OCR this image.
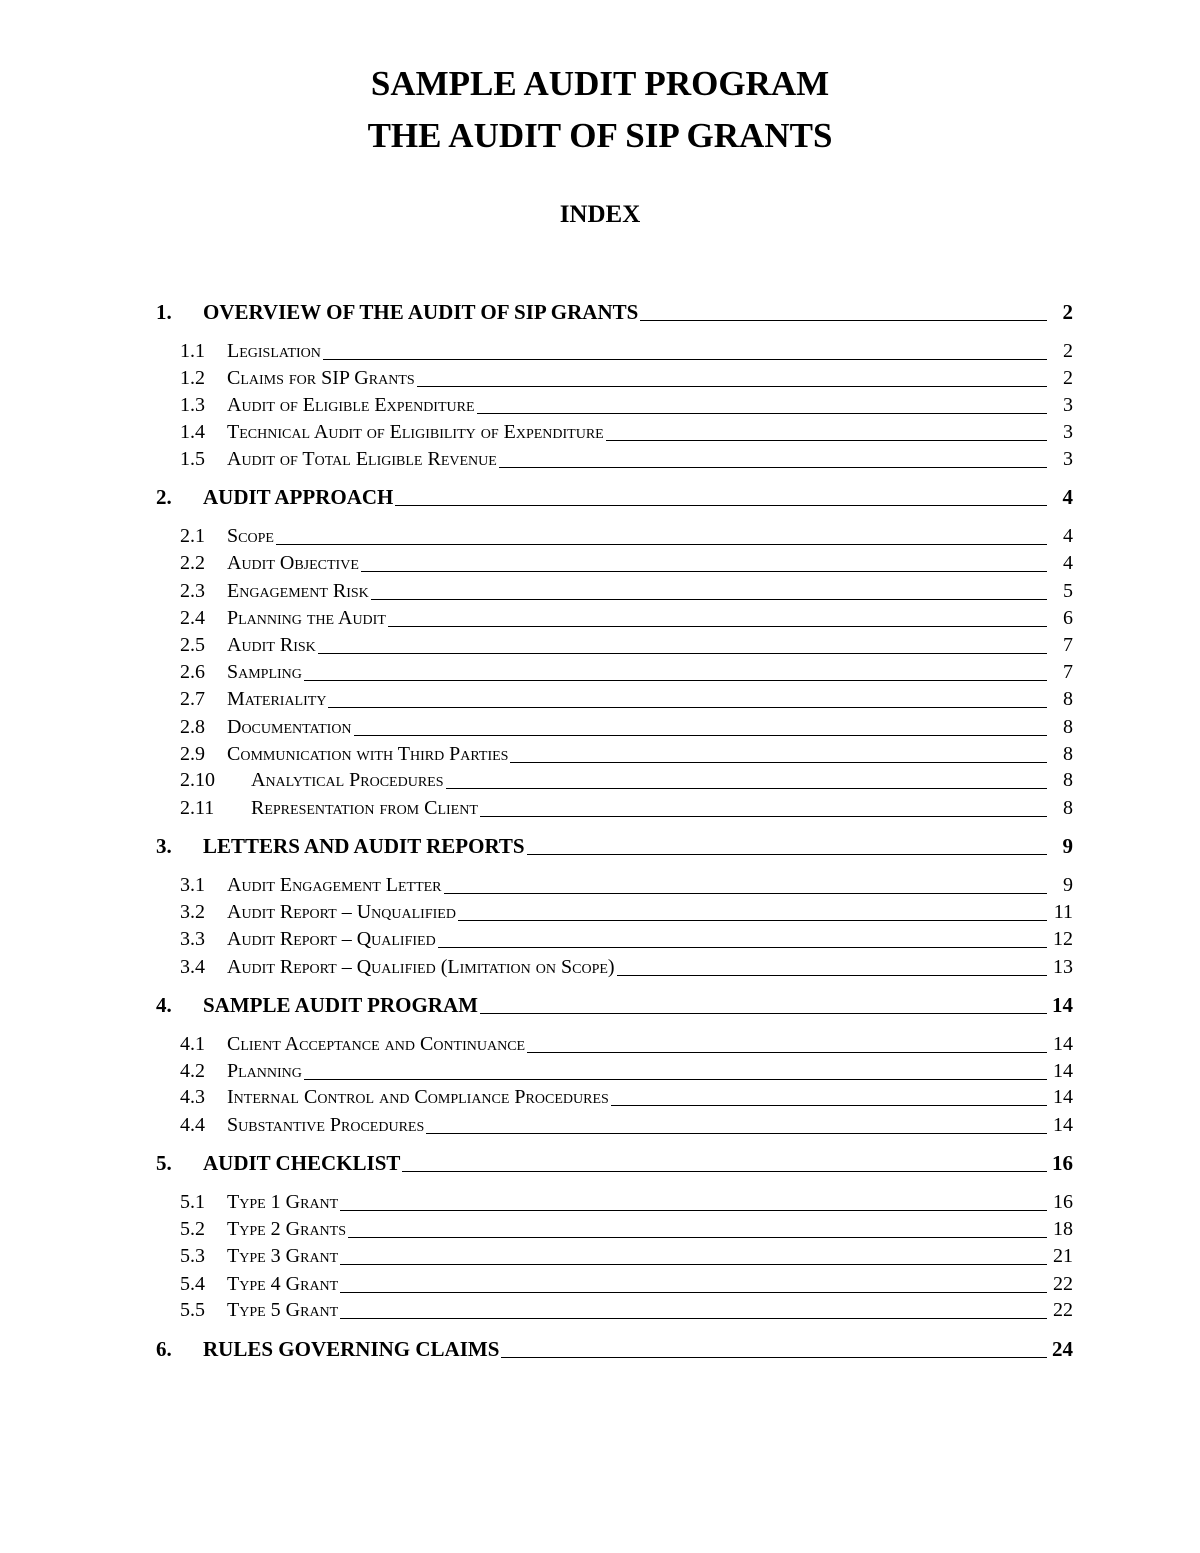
SAMPLE AUDIT PROGRAM
THE AUDIT OF SIP GRANTS
INDEX
1. OVERVIEW OF THE AUDIT OF SIP GRANTS	2
1.1 Legislation	2
1.2 Claims for SIP Grants	2
1.3 Audit of Eligible Expenditure	3
1.4 Technical Audit of Eligibility of Expenditure	3
1.5 Audit of Total Eligible Revenue	3
2. AUDIT APPROACH	4
2.1 Scope	4
2.2 Audit Objective	4
2.3 Engagement Risk	5
2.4 Planning the Audit	6
2.5 Audit Risk	7
2.6 Sampling	7
2.7 Materiality	8
2.8 Documentation	8
2.9 Communication with Third Parties	8
2.10 Analytical Procedures	8
2.11 Representation from Client	8
3. LETTERS AND AUDIT REPORTS	9
3.1 Audit Engagement Letter	9
3.2 Audit Report – Unqualified	11
3.3 Audit Report – Qualified	12
3.4 Audit Report – Qualified (Limitation on Scope)	13
4. SAMPLE AUDIT PROGRAM	14
4.1 Client Acceptance and Continuance	14
4.2 Planning	14
4.3 Internal Control and Compliance Procedures	14
4.4 Substantive Procedures	14
5. AUDIT CHECKLIST	16
5.1 Type 1 Grant	16
5.2 Type 2 Grants	18
5.3 Type 3 Grant	21
5.4 Type 4 Grant	22
5.5 Type 5 Grant	22
6. RULES GOVERNING CLAIMS	24
